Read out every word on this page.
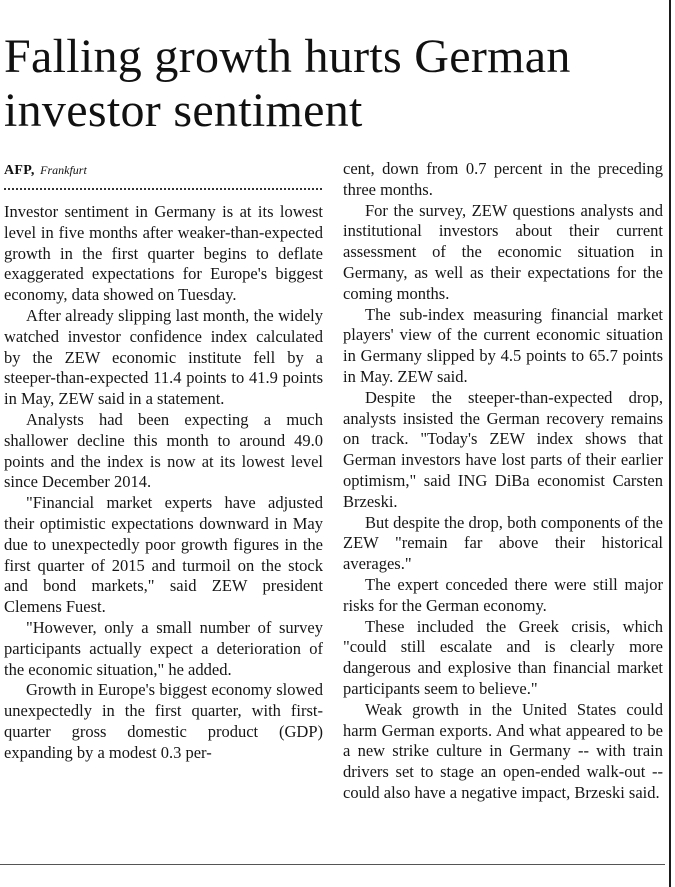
Falling growth hurts German investor sentiment
AFP, Frankfurt

Investor sentiment in Germany is at its lowest level in five months after weaker-than-expected growth in the first quarter begins to deflate exaggerated expectations for Europe's biggest economy, data showed on Tuesday.

After already slipping last month, the widely watched investor confidence index calculated by the ZEW economic institute fell by a steeper-than-expected 11.4 points to 41.9 points in May, ZEW said in a statement.

Analysts had been expecting a much shallower decline this month to around 49.0 points and the index is now at its lowest level since December 2014.

"Financial market experts have adjusted their optimistic expectations downward in May due to unexpectedly poor growth figures in the first quarter of 2015 and turmoil on the stock and bond markets," said ZEW president Clemens Fuest.

"However, only a small number of survey participants actually expect a deterioration of the economic situation," he added.

Growth in Europe's biggest economy slowed unexpectedly in the first quarter, with first-quarter gross domestic product (GDP) expanding by a modest 0.3 per-

cent, down from 0.7 percent in the preceding three months.

For the survey, ZEW questions analysts and institutional investors about their current assessment of the economic situation in Germany, as well as their expectations for the coming months.

The sub-index measuring financial market players' view of the current economic situation in Germany slipped by 4.5 points to 65.7 points in May. ZEW said.

Despite the steeper-than-expected drop, analysts insisted the German recovery remains on track. "Today's ZEW index shows that German investors have lost parts of their earlier optimism," said ING DiBa economist Carsten Brzeski.

But despite the drop, both components of the ZEW "remain far above their historical averages."

The expert conceded there were still major risks for the German economy.

These included the Greek crisis, which "could still escalate and is clearly more dangerous and explosive than financial market participants seem to believe."

Weak growth in the United States could harm German exports. And what appeared to be a new strike culture in Germany -- with train drivers set to stage an open-ended walk-out -- could also have a negative impact, Brzeski said.
